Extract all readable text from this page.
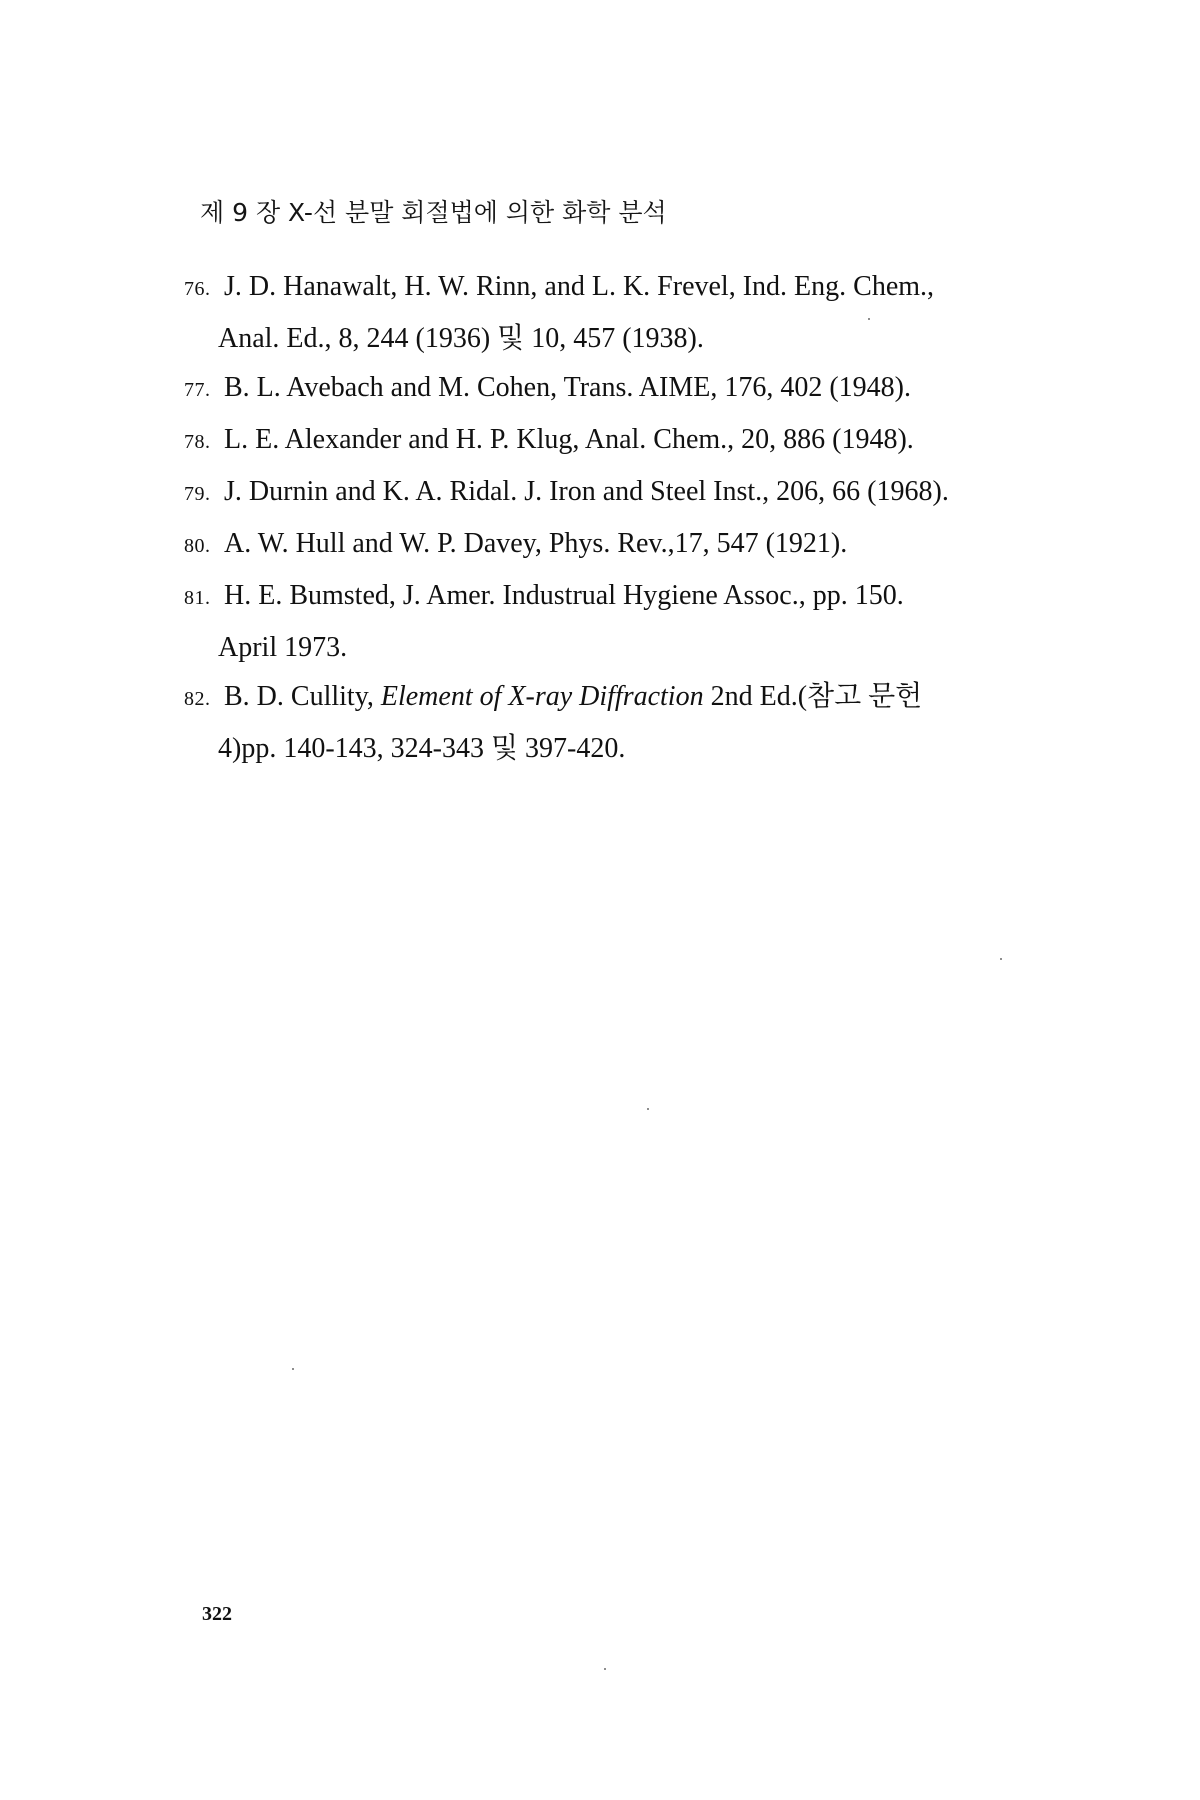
제 9 장 X-선 분말 회절법에 의한 화학 분석
76. J. D. Hanawalt, H. W. Rinn, and L. K. Frevel, Ind. Eng. Chem.,
Anal. Ed., 8, 244 (1936) 및 10, 457 (1938).
77. B. L. Avebach and M. Cohen, Trans. AIME, 176, 402 (1948).
78. L. E. Alexander and H. P. Klug, Anal. Chem., 20, 886 (1948).
79. J. Durnin and K. A. Ridal. J. Iron and Steel Inst., 206, 66 (1968).
80. A. W. Hull and W. P. Davey, Phys. Rev.,17, 547 (1921).
81. H. E. Bumsted, J. Amer. Industrual Hygiene Assoc., pp. 150.
April 1973.
82. B. D. Cullity, Element of X-ray Diffraction 2nd Ed.(참고 문헌
4)pp. 140-143, 324-343 및 397-420.
322
